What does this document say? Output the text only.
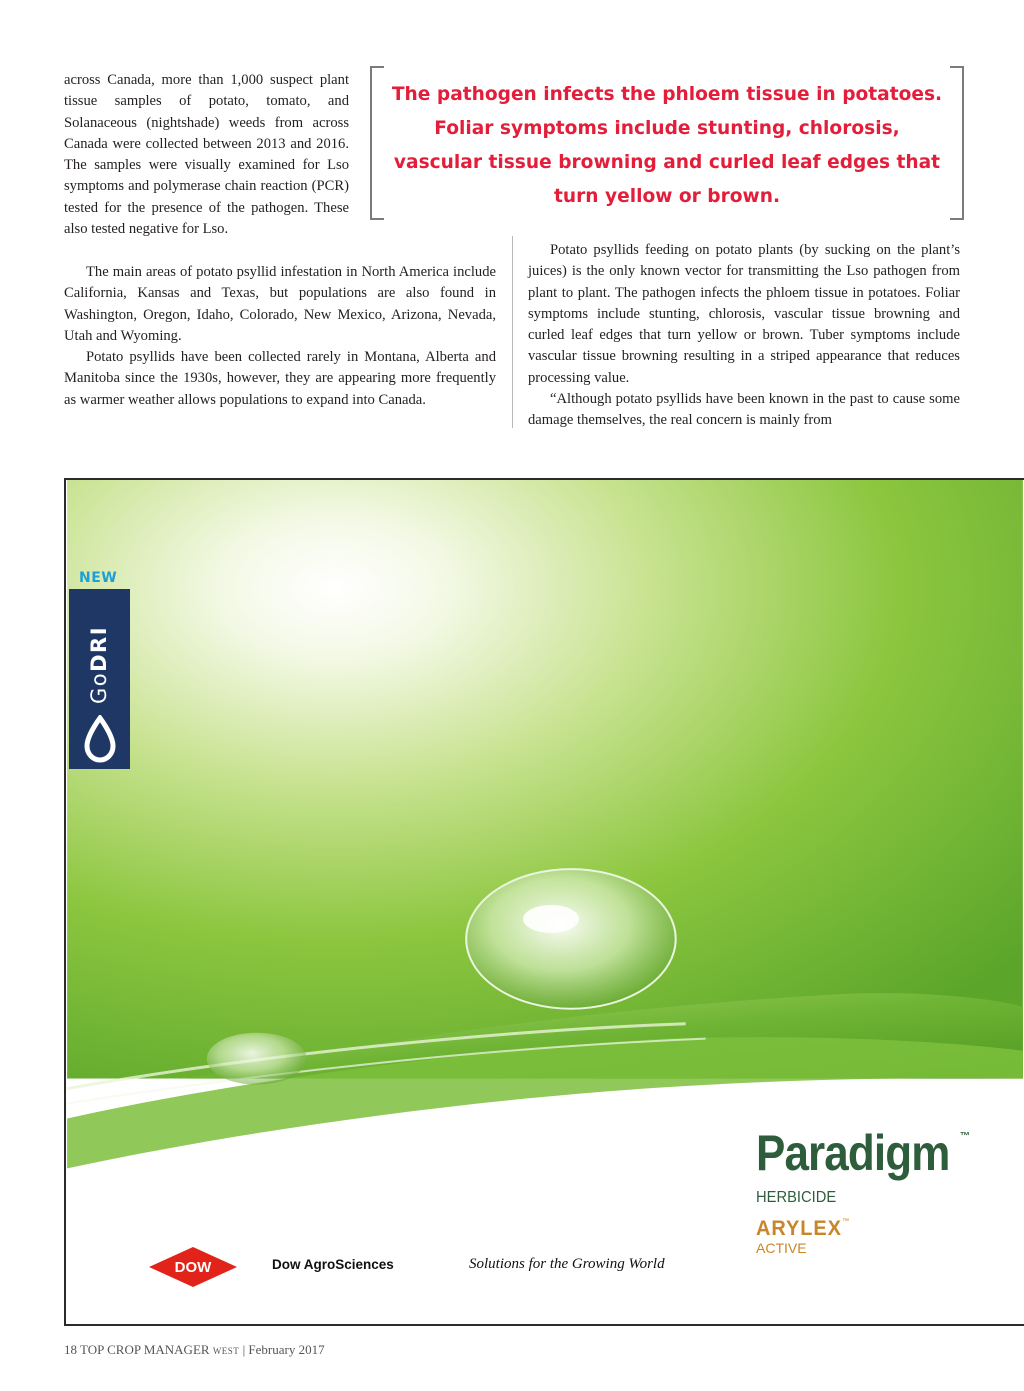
across Canada, more than 1,000 suspect plant tissue samples of potato, tomato, and Solanaceous (nightshade) weeds from across Canada were collected between 2013 and 2016. The samples were visually examined for Lso symptoms and polymerase chain reaction (PCR) tested for the presence of the pathogen. These also tested negative for Lso.

The main areas of potato psyllid infestation in North America include California, Kansas and Texas, but populations are also found in Washington, Oregon, Idaho, Colorado, New Mexico, Arizona, Nevada, Utah and Wyoming.
Potato psyllids have been collected rarely in Montana, Alberta and Manitoba since the 1930s, however, they are appearing more frequently as warmer weather allows populations to expand into Canada.

Potato psyllids feeding on potato plants (by sucking on the plant’s juices) is the only known vector for transmitting the Lso pathogen from plant to plant. The pathogen infects the phloem tissue in potatoes. Foliar symptoms include stunting, chlorosis, vascular tissue browning and curled leaf edges that turn yellow or brown. Tuber symptoms include vascular tissue browning resulting in a striped appearance that reduces processing value.
“Although potato psyllids have been known in the past to cause some damage themselves, the real concern is mainly from

The pathogen infects the phloem tissue in potatoes. Foliar symptoms include stunting, chlorosis, vascular tissue browning and curled leaf edges that turn yellow or brown.
NEW
GoDRI
Paradigm ™
HERBICIDE
ARYLEX ™
ACTIVE
DOW	Dow AgroSciences	Solutions for the Growing World
18 TOP CROP MANAGER WEST | February 2017
